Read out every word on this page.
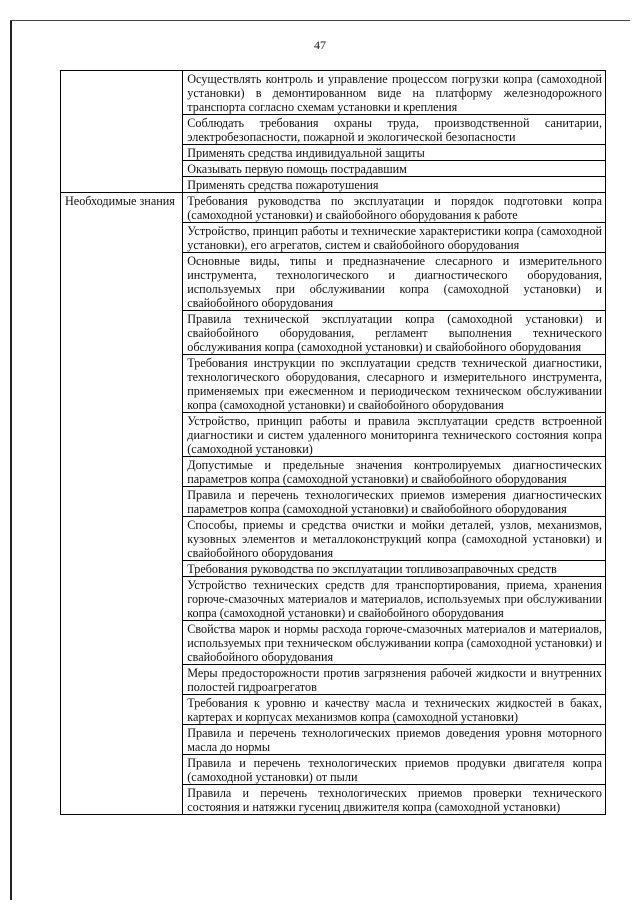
47
	Осуществлять контроль и управление процессом погрузки копра (самоходной установки) в демонтированном виде на платформу железнодорожного транспорта согласно схемам установки и крепления
	Соблюдать требования охраны труда, производственной санитарии, электробезопасности, пожарной и экологической безопасности
	Применять средства индивидуальной защиты
	Оказывать первую помощь пострадавшим
	Применять средства пожаротушения
Необходимые знания	Требования руководства по эксплуатации и порядок подготовки копра (самоходной установки) и свайобойного оборудования к работе
	Устройство, принцип работы и технические характеристики копра (самоходной установки), его агрегатов, систем и свайобойного оборудования
	Основные виды, типы и предназначение слесарного и измерительного инструмента, технологического и диагностического оборудования, используемых при обслуживании копра (самоходной установки) и свайобойного оборудования
	Правила технической эксплуатации копра (самоходной установки) и свайобойного оборудования, регламент выполнения технического обслуживания копра (самоходной установки) и свайобойного оборудования
	Требования инструкции по эксплуатации средств технической диагностики, технологического оборудования, слесарного и измерительного инструмента, применяемых при ежесменном и периодическом техническом обслуживании копра (самоходной установки) и свайобойного оборудования
	Устройство, принцип работы и правила эксплуатации средств встроенной диагностики и систем удаленного мониторинга технического состояния копра (самоходной установки)
	Допустимые и предельные значения контролируемых диагностических параметров копра (самоходной установки) и свайобойного оборудования
	Правила и перечень технологических приемов измерения диагностических параметров копра (самоходной установки) и свайобойного оборудования
	Способы, приемы и средства очистки и мойки деталей, узлов, механизмов, кузовных элементов и металлоконструкций копра (самоходной установки) и свайобойного оборудования
	Требования руководства по эксплуатации топливозаправочных средств
	Устройство технических средств для транспортирования, приема, хранения горюче-смазочных материалов и материалов, используемых при обслуживании копра (самоходной установки) и свайобойного оборудования
	Свойства марок и нормы расхода горюче-смазочных материалов и материалов, используемых при техническом обслуживании копра (самоходной установки) и свайобойного оборудования
	Меры предосторожности против загрязнения рабочей жидкости и внутренних полостей гидроагрегатов
	Требования к уровню и качеству масла и технических жидкостей в баках, картерах и корпусах механизмов копра (самоходной установки)
	Правила и перечень технологических приемов доведения уровня моторного масла до нормы
	Правила и перечень технологических приемов продувки двигателя копра (самоходной установки) от пыли
	Правила и перечень технологических приемов проверки технического состояния и натяжки гусениц движителя копра (самоходной установки)
